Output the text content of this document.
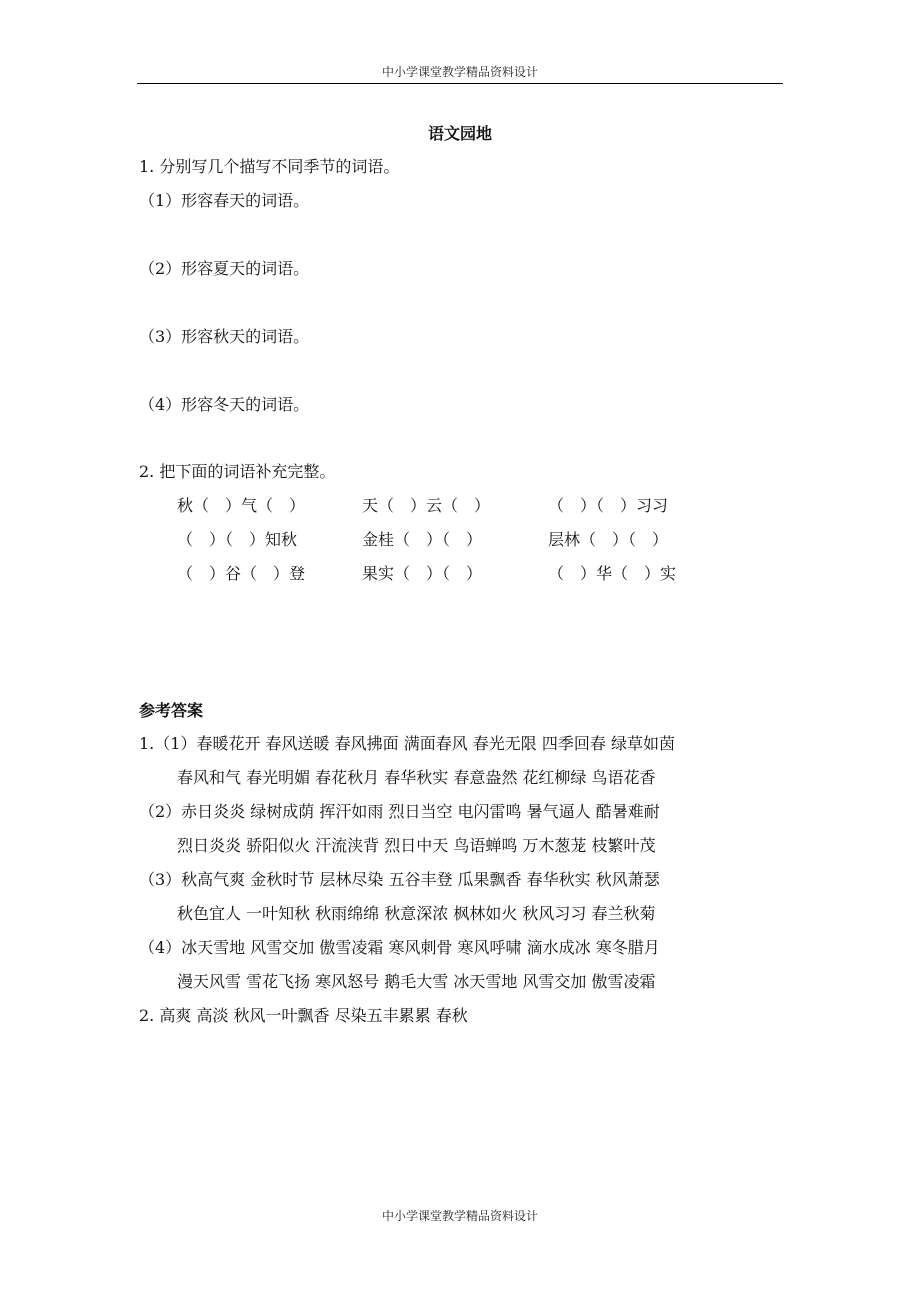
中小学课堂教学精品资料设计
语文园地
1. 分别写几个描写不同季节的词语。
（1）形容春天的词语。
（2）形容夏天的词语。
（3）形容秋天的词语。
（4）形容冬天的词语。
2. 把下面的词语补充完整。
秋（　）气（　）	天（　）云（　）	（　）（　）习习
（　）（　）知秋	金桂（　）（　）	层林（　）（　）
（　）谷（　）登	果实（　）（　）	（　）华（　）实
参考答案
1.（1）春暖花开 春风送暖 春风拂面 满面春风 春光无限 四季回春 绿草如茵
春风和气 春光明媚 春花秋月 春华秋实 春意盎然 花红柳绿 鸟语花香
（2）赤日炎炎 绿树成荫 挥汗如雨 烈日当空 电闪雷鸣 暑气逼人 酷暑难耐
烈日炎炎 骄阳似火 汗流浃背 烈日中天 鸟语蝉鸣 万木葱茏 枝繁叶茂
（3）秋高气爽 金秋时节 层林尽染 五谷丰登 瓜果飘香 春华秋实 秋风萧瑟
秋色宜人 一叶知秋 秋雨绵绵 秋意深浓 枫林如火 秋风习习 春兰秋菊
（4）冰天雪地 风雪交加 傲雪凌霜 寒风刺骨 寒风呼啸 滴水成冰 寒冬腊月
漫天风雪 雪花飞扬 寒风怒号 鹅毛大雪 冰天雪地 风雪交加 傲雪凌霜
2. 高爽 高淡 秋风一叶飘香 尽染五丰累累 春秋
中小学课堂教学精品资料设计
